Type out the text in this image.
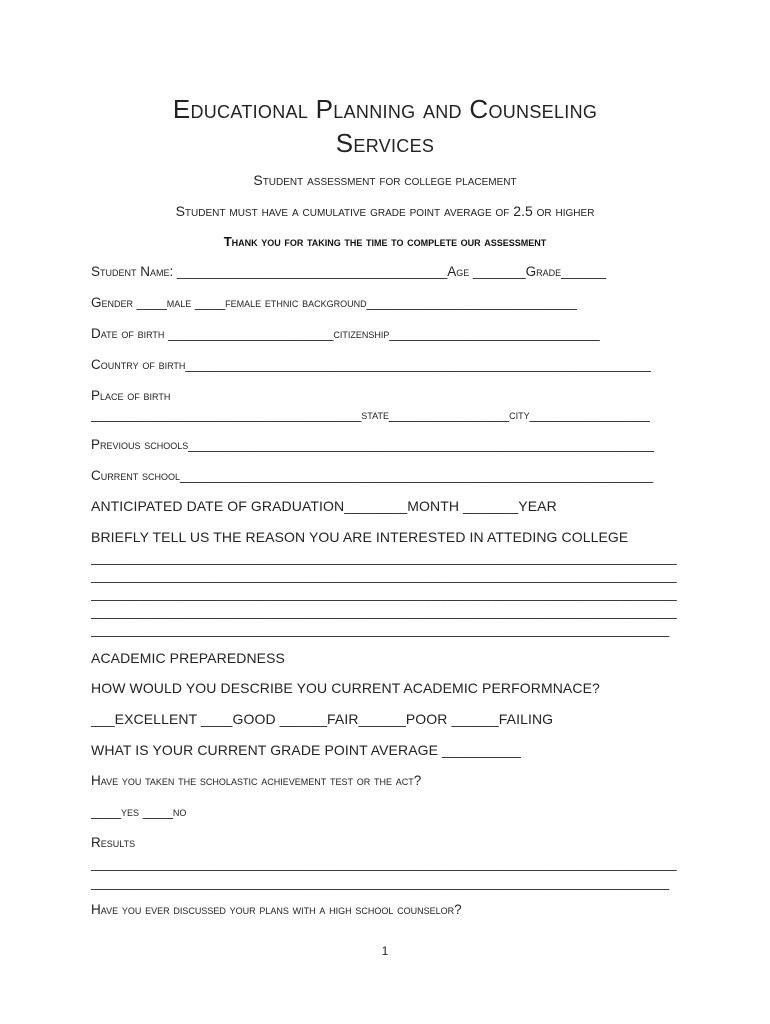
Educational Planning and Counseling
Services
Student assessment for college placement
Student must have a cumulative grade point average of 2.5 or higher
Thank you for taking the time to complete our assessment
Student Name: ____________________________________Age _______Grade______
Gender ____male ____female ethnic background____________________________
Date of birth ______________________citizenship____________________________
Country of birth______________________________________________________________
Place of birth
____________________________________state________________city________________
Previous schools______________________________________________________________
Current school_______________________________________________________________
ANTICIPATED DATE OF GRADUATION________MONTH _______YEAR
BRIEFLY TELL US THE REASON YOU ARE INTERESTED IN ATTEDING COLLEGE
______________________________________________________________________________
______________________________________________________________________________
______________________________________________________________________________
______________________________________________________________________________
_____________________________________________________________________________
ACADEMIC PREPAREDNESS
HOW WOULD YOU DESCRIBE YOU CURRENT ACADEMIC PERFORMNACE?
___EXCELLENT ____GOOD ______FAIR______POOR ______FAILING
WHAT IS YOUR CURRENT GRADE POINT AVERAGE __________
Have you taken the scholastic achievement test or the act?
____yes ____no
Results
______________________________________________________________________________
_____________________________________________________________________________
Have you ever discussed your plans with a high school counselor?
1
